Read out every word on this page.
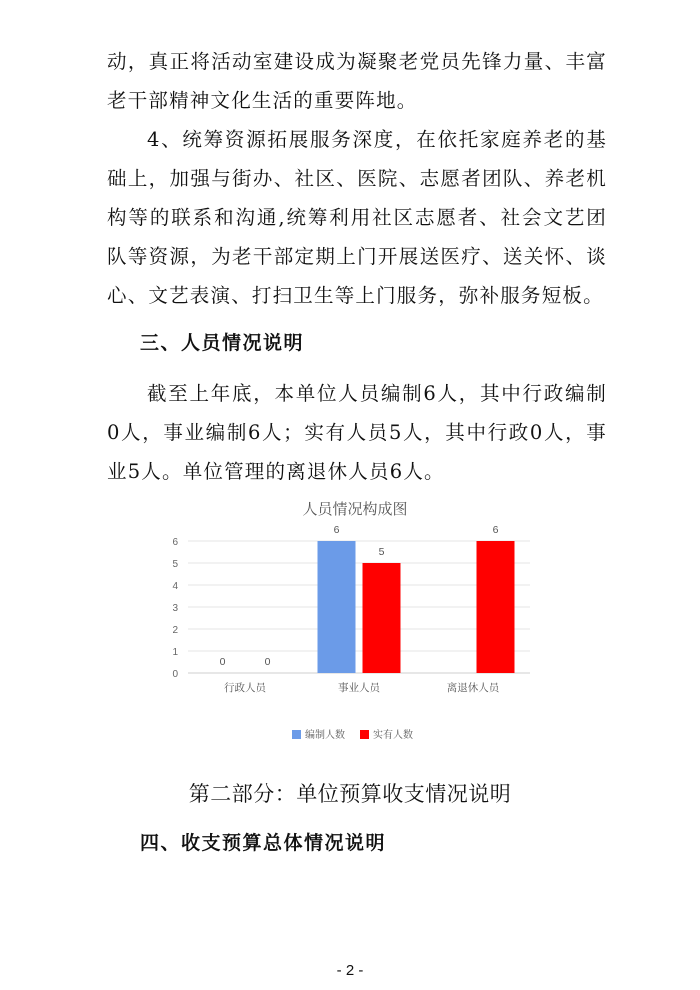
动，真正将活动室建设成为凝聚老党员先锋力量、丰富老干部精神文化生活的重要阵地。

4、统筹资源拓展服务深度，在依托家庭养老的基础上，加强与街办、社区、医院、志愿者团队、养老机构等的联系和沟通,统筹利用社区志愿者、社会文艺团队等资源，为老干部定期上门开展送医疗、送关怀、谈心、文艺表演、打扫卫生等上门服务，弥补服务短板。

三、人员情况说明

截至上年底，本单位人员编制6人，其中行政编制0人，事业编制6人；实有人员5人，其中行政0人，事业5人。单位管理的离退休人员6人。

人员情况构成图
0
1
2
3
4
5
6
行政人员
0	0
事业人员
6
5
离退休人员
6
编制人数	实有人数

第二部分：单位预算收支情况说明

四、收支预算总体情况说明

- 2 -
